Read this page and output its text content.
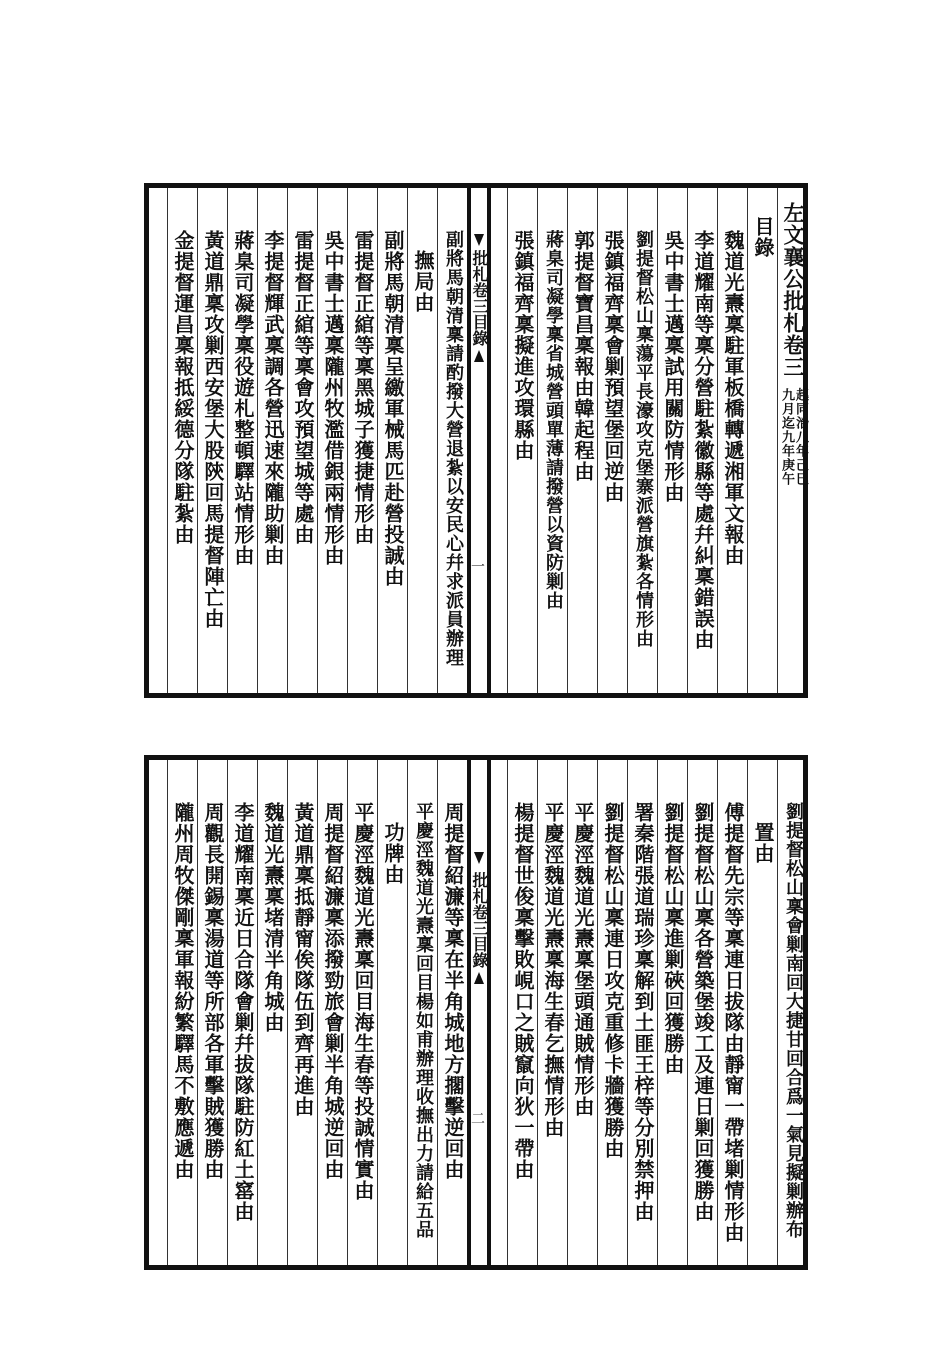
左文襄公批札卷三
起同治八年己巳
九月迄九年庚午
目錄
魏道光燾稟駐軍板橋轉遞湘軍文報由
李道耀南等稟分營駐紮徽縣等處幷糾稟錯誤由
吳中書士邁稟試用關防情形由
劉提督松山稟蕩平長濠攻克堡寨派營旗紮各情形由
張鎮福齊稟會剿預望堡回逆由
郭提督寶昌稟報由韓起程由
蔣臬司凝學稟省城營頭單薄請撥營以資防剿由
張鎮福齊稟擬進攻環縣由
批札卷三目錄
一
副將馬朝清稟請酌撥大營退紮以安民心幷求派員辦理
撫局由
副將馬朝清稟呈繳軍械馬匹赴營投誠由
雷提督正綰等稟黑城子獲捷情形由
吳中書士邁稟隴州牧濫借銀兩情形由
雷提督正綰等稟會攻預望城等處由
李提督輝武稟調各營迅速來隴助剿由
蔣臬司凝學稟役遊札整頓驛站情形由
黃道鼎稟攻剿西安堡大股陝回馬提督陣亡由
金提督運昌稟報抵綏德分隊駐紮由
劉提督松山稟會剿南回大捷甘回合爲一氣見擬剿辦布
置由
傅提督先宗等稟連日拔隊由靜甯一帶堵剿情形由
劉提督松山稟各營築堡竣工及連日剿回獲勝由
劉提督松山稟進剿硤回獲勝由
署秦階張道瑞珍稟解到土匪王梓等分別禁押由
劉提督松山稟連日攻克重修卡牆獲勝由
平慶涇魏道光燾稟堡頭通賊情形由
平慶涇魏道光燾稟海生春乞撫情形由
楊提督世俊稟擊敗峴口之賊竄向狄一帶由
批札卷三目錄
二
周提督紹濂等稟在半角城地方擱擊逆回由
平慶涇魏道光燾稟回目楊如甫辦理收撫出力請給五品
功牌由
平慶涇魏道光燾稟回目海生春等投誠情實由
周提督紹濂稟添撥勁旅會剿半角城逆回由
黃道鼎稟抵靜甯俟隊伍到齊再進由
魏道光燾稟堵清半角城由
李道耀南稟近日合隊會剿幷拔隊駐防紅土窰由
周觀長開錫稟湯道等所部各軍擊賊獲勝由
隴州周牧傑剛稟軍報紛繁驛馬不敷應遞由
